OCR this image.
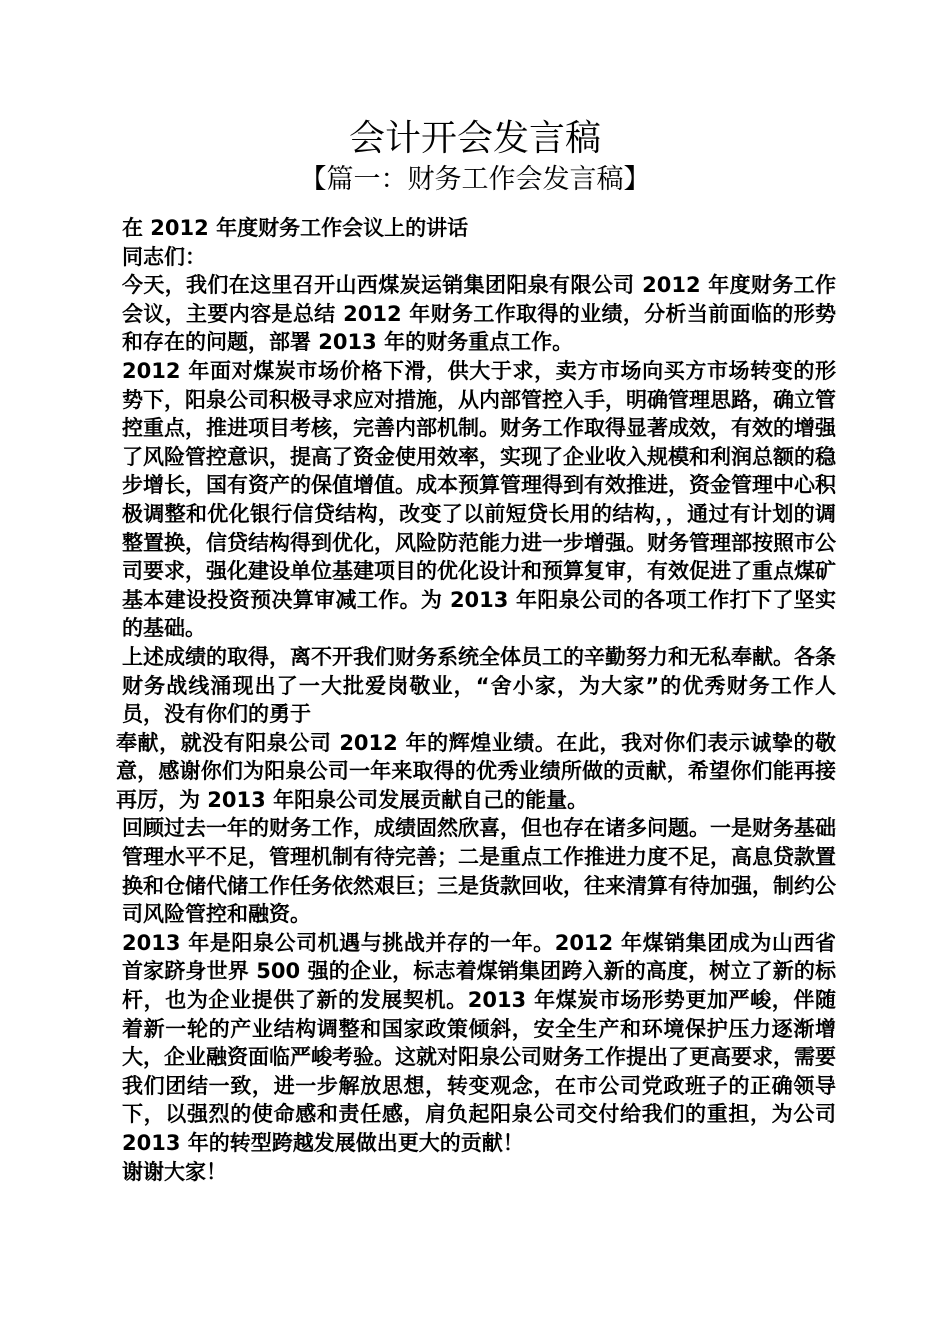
会计开会发言稿
【篇一：财务工作会发言稿】

在 2012 年度财务工作会议上的讲话

同志们：

今天，我们在这里召开山西煤炭运销集团阳泉有限公司 2012 年度财务工作会议，主要内容是总结 2012 年财务工作取得的业绩，分析当前面临的形势和存在的问题，部署 2013 年的财务重点工作。

2012 年面对煤炭市场价格下滑，供大于求，卖方市场向买方市场转变的形势下，阳泉公司积极寻求应对措施，从内部管控入手，明确管理思路，确立管控重点，推进项目考核，完善内部机制。财务工作取得显著成效，有效的增强了风险管控意识，提高了资金使用效率，实现了企业收入规模和利润总额的稳步增长，国有资产的保值增值。成本预算管理得到有效推进，资金管理中心积极调整和优化银行信贷结构，改变了以前短贷长用的结构，，通过有计划的调整置换，信贷结构得到优化，风险防范能力进一步增强。财务管理部按照市公司要求，强化建设单位基建项目的优化设计和预算复审，有效促进了重点煤矿基本建设投资预决算审减工作。为 2013 年阳泉公司的各项工作打下了坚实的基础。

上述成绩的取得，离不开我们财务系统全体员工的辛勤努力和无私奉献。各条财务战线涌现出了一大批爱岗敬业，“舍小家，为大家”的优秀财务工作人员，没有你们的勇于

奉献，就没有阳泉公司 2012 年的辉煌业绩。在此，我对你们表示诚挚的敬意，感谢你们为阳泉公司一年来取得的优秀业绩所做的贡献，希望你们能再接再厉，为 2013 年阳泉公司发展贡献自己的能量。

回顾过去一年的财务工作，成绩固然欣喜，但也存在诸多问题。一是财务基础管理水平不足，管理机制有待完善；二是重点工作推进力度不足，高息贷款置换和仓储代储工作任务依然艰巨；三是货款回收，往来清算有待加强，制约公司风险管控和融资。

2013 年是阳泉公司机遇与挑战并存的一年。2012 年煤销集团成为山西省首家跻身世界 500 强的企业，标志着煤销集团跨入新的高度，树立了新的标杆，也为企业提供了新的发展契机。2013 年煤炭市场形势更加严峻，伴随着新一轮的产业结构调整和国家政策倾斜，安全生产和环境保护压力逐渐增大，企业融资面临严峻考验。这就对阳泉公司财务工作提出了更高要求，需要我们团结一致，进一步解放思想，转变观念，在市公司党政班子的正确领导下，以强烈的使命感和责任感，肩负起阳泉公司交付给我们的重担，为公司 2013 年的转型跨越发展做出更大的贡献！

谢谢大家！
